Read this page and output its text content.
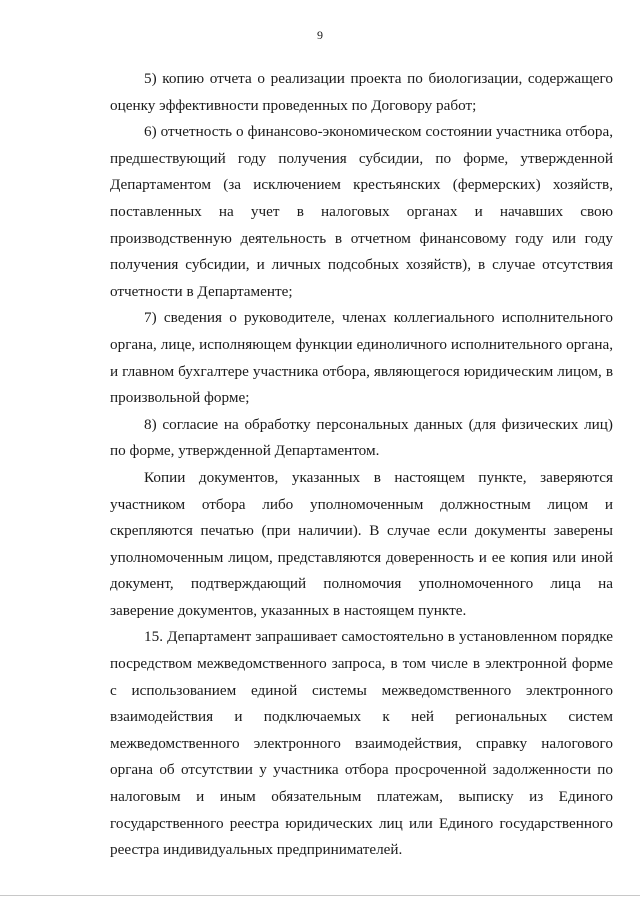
9

5) копию отчета о реализации проекта по биологизации, содержащего оценку эффективности проведенных по Договору работ;

6) отчетность о финансово-экономическом состоянии участника отбора, предшествующий году получения субсидии, по форме, утвержденной Департаментом (за исключением крестьянских (фермерских) хозяйств, поставленных на учет в налоговых органах и начавших свою производственную деятельность в отчетном финансовому году или году получения субсидии, и личных подсобных хозяйств), в случае отсутствия отчетности в Департаменте;

7) сведения о руководителе, членах коллегиального исполнительного органа, лице, исполняющем функции единоличного исполнительного органа, и главном бухгалтере участника отбора, являющегося юридическим лицом, в произвольной форме;

8) согласие на обработку персональных данных (для физических лиц) по форме, утвержденной Департаментом.

Копии документов, указанных в настоящем пункте, заверяются участником отбора либо уполномоченным должностным лицом и скрепляются печатью (при наличии). В случае если документы заверены уполномоченным лицом, представляются доверенность и ее копия или иной документ, подтверждающий полномочия уполномоченного лица на заверение документов, указанных в настоящем пункте.

15. Департамент запрашивает самостоятельно в установленном порядке посредством межведомственного запроса, в том числе в электронной форме с использованием единой системы межведомственного электронного взаимодействия и подключаемых к ней региональных систем межведомственного электронного взаимодействия, справку налогового органа об отсутствии у участника отбора просроченной задолженности по налоговым и иным обязательным платежам, выписку из Единого государственного реестра юридических лиц или Единого государственного реестра индивидуальных предпринимателей.
